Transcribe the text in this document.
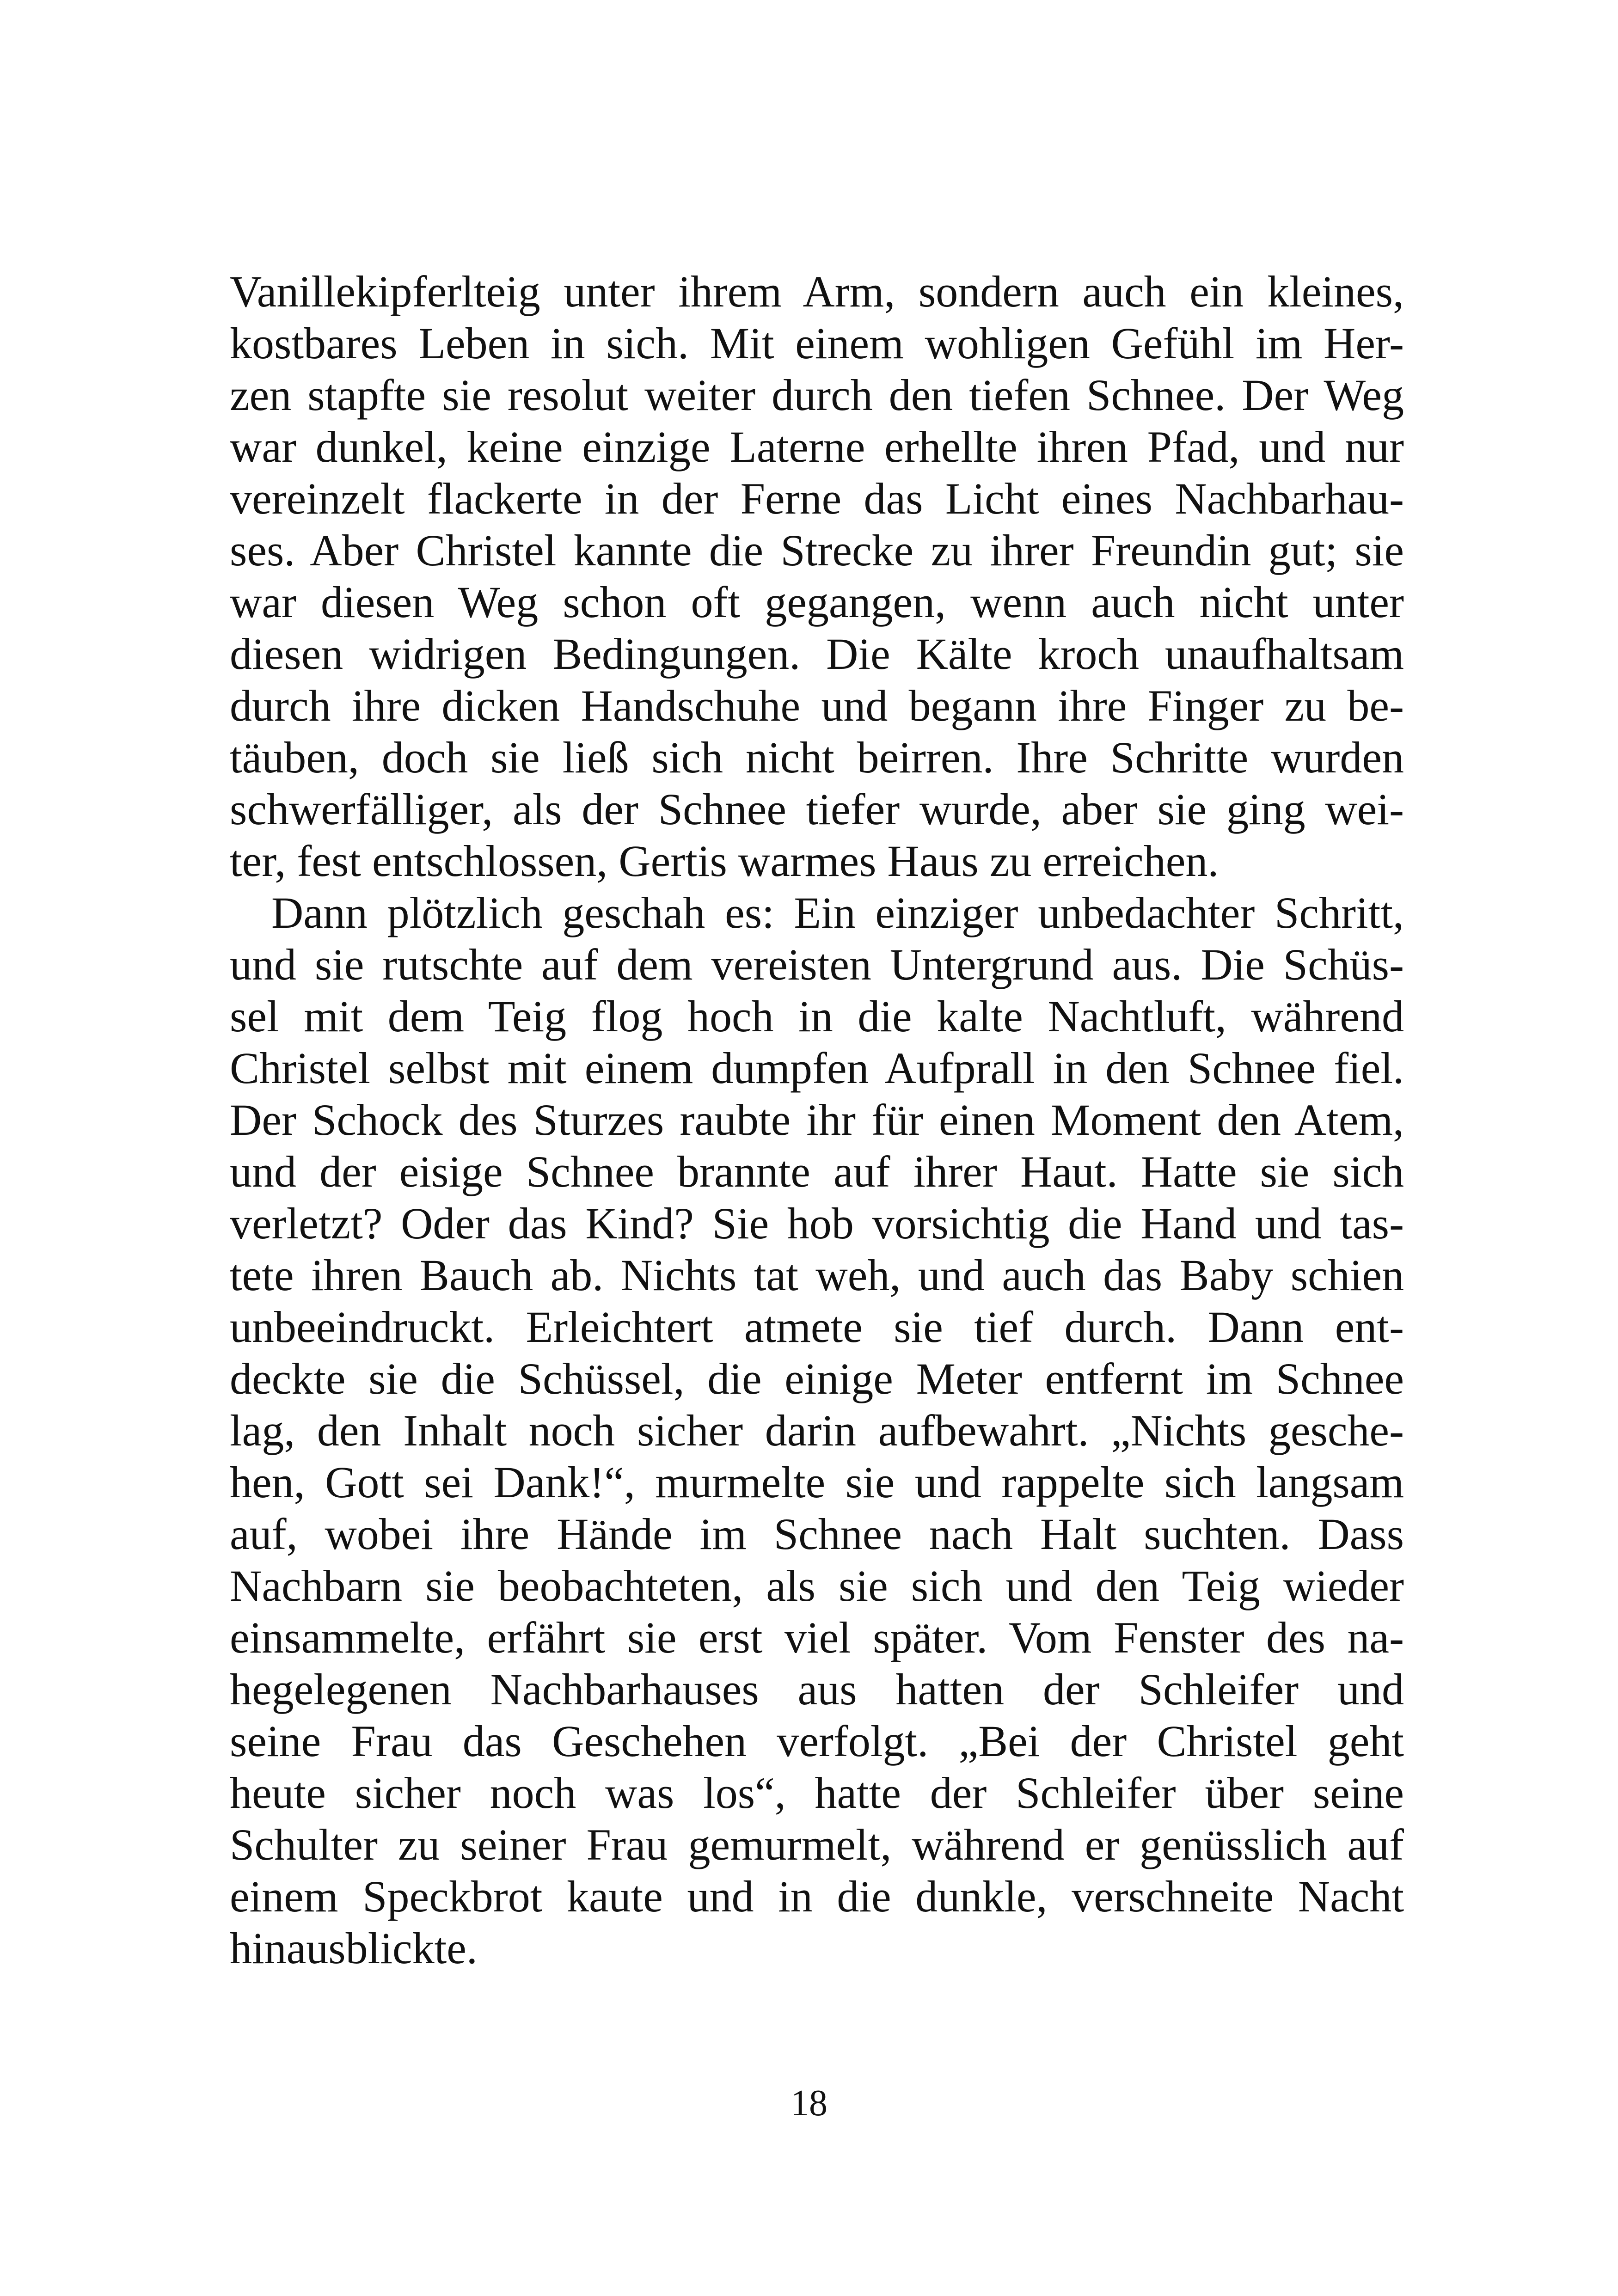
Vanillekipferlteig unter ihrem Arm, sondern auch ein kleines,
kostbares Leben in sich. Mit einem wohligen Gefühl im Her-
zen stapfte sie resolut weiter durch den tiefen Schnee. Der Weg
war dunkel, keine einzige Laterne erhellte ihren Pfad, und nur
vereinzelt flackerte in der Ferne das Licht eines Nachbarhau-
ses. Aber Christel kannte die Strecke zu ihrer Freundin gut; sie
war diesen Weg schon oft gegangen, wenn auch nicht unter
diesen widrigen Bedingungen. Die Kälte kroch unaufhaltsam
durch ihre dicken Handschuhe und begann ihre Finger zu be-
täuben, doch sie ließ sich nicht beirren. Ihre Schritte wurden
schwerfälliger, als der Schnee tiefer wurde, aber sie ging wei-
ter, fest entschlossen, Gertis warmes Haus zu erreichen.
Dann plötzlich geschah es: Ein einziger unbedachter Schritt,
und sie rutschte auf dem vereisten Untergrund aus. Die Schüs-
sel mit dem Teig flog hoch in die kalte Nachtluft, während
Christel selbst mit einem dumpfen Aufprall in den Schnee fiel.
Der Schock des Sturzes raubte ihr für einen Moment den Atem,
und der eisige Schnee brannte auf ihrer Haut. Hatte sie sich
verletzt? Oder das Kind? Sie hob vorsichtig die Hand und tas-
tete ihren Bauch ab. Nichts tat weh, und auch das Baby schien
unbeeindruckt. Erleichtert atmete sie tief durch. Dann ent-
deckte sie die Schüssel, die einige Meter entfernt im Schnee
lag, den Inhalt noch sicher darin aufbewahrt. „Nichts gesche-
hen, Gott sei Dank!“, murmelte sie und rappelte sich langsam
auf, wobei ihre Hände im Schnee nach Halt suchten. Dass
Nachbarn sie beobachteten, als sie sich und den Teig wieder
einsammelte, erfährt sie erst viel später. Vom Fenster des na-
hegelegenen Nachbarhauses aus hatten der Schleifer und
seine Frau das Geschehen verfolgt. „Bei der Christel geht
heute sicher noch was los“, hatte der Schleifer über seine
Schulter zu seiner Frau gemurmelt, während er genüsslich auf
einem Speckbrot kaute und in die dunkle, verschneite Nacht
hinausblickte.
18
